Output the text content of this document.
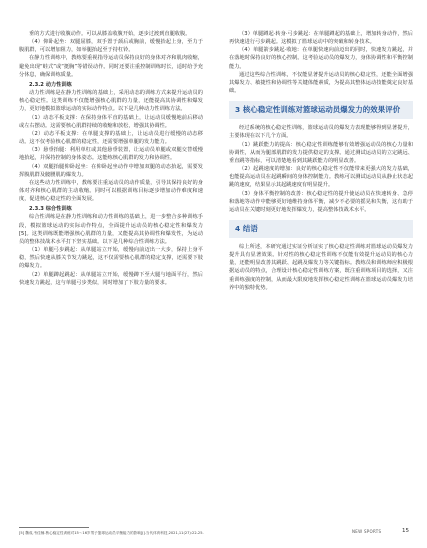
垂的方式进行收腹动作。可以从膝盖收腹开始，逐步过渡到直腿收腹。

（4）仰卧起坐：双腿屈膝，双手置于颈后或胸前，缓慢抬起上身，至力于腹肌群，可以增加阻力，如举腿抬起至于持杠铃。

在静力性训练中，教练要重视指导运动员保持良好的身体对齐和肌肉收缩，避免出现“蛙式”或“挺胸”等错误动作。同时还要注重控制训练时长，适时给予充分休息，确保训练质量。

2.3.2 动力性训练

动力性训练是在静力性训练的基础上，采用动态的训练方式来提升运动员的核心稳定性。这类训练不仅能增强核心肌群的力量，还能提高其协调性和爆发力，更好地模拟篮球运动的实际动作特点。以下是几种动力性训练方法。

（1）动态平板支撑：在保持身体平直的基础上，让运动员缓慢地前后移动或左右摆动。这需要核心肌群持续的收缩和放松，增强其协调性。

（2）动态平板支撑：在单腿支撑的基础上，让运动员进行缓慢的动态移动。这不仅考验核心肌群的稳定性，还需要增强单腿的发力能力。

（3）悬垂抬腿：利用单杠或其他悬垂装置，让运动员单腿或双腿交替缓慢地抬起，并保持控制的身体姿态。这能练核心肌群的发力和协调性。

（4）双腿抬腿仰卧起坐：在仰卧起坐动作中增加双腿的动态抬起，需要发挥腹肌群及髋腰肌的爆发力。

在这些动力性训练中，教练要注重运动员的动作质量，引导其保持良好的身体对齐和核心肌群的主动收缩。同时可以根据训练目标逐步增加动作难度和速度，促进核心稳定性的全面发展。

2.3.3 综合性训练

综合性训练是在静力性训练和动力性训练的基础上，进一步整合多种训练手段，模拟篮球运动的实际动作特点，全面提升运动员的核心稳定性和爆发力[5]。这类训练既能增强核心肌群的力量，又能提高其协调性和爆发性，为运动员的整体技战术水平打下坚实基础。以下是几种综合性训练方法。

（1）单腿弓步跳起：从单腿站立开始，缓慢向前迈出一大步，保持上身平稳，然后快速从膝关节发力跳起，这不仅需要核心肌群的稳定支撑，还需要下肢的爆发力。

（2）单腿蹲起跳起：从单腿站立开始，缓慢蹲下至大腿与地面平行，然后快速发力跳起，这与单腿弓步类似，同时增加了下肢力量的要求。

（3）单腿蹲起·转身·弓步跳起：在单腿蹲起的基础上，增加转身动作，然后再快速进行弓步跳起。这模拟了篮球运动中的突破和转身技术。

（4）单腿箭步跳起·收地：在单腿快速向前迈出的同时，快速发力跳起，并在落地时保持良好的核心控制。这考验运动员的爆发力，身体协调性和平衡控制能力。

通过这些综合性训练，不仅能显著提升运动员的核心稳定性，还能全面增强其爆发力、敏捷性和协调性等关键体能素质，为提高其整体运动技能奠定良好基础。

3 核心稳定性训练对篮球运动员爆发力的效果评价

经过系统的核心稳定性训练，篮球运动员的爆发力表现能够得到显著提升，主要体现在以下几个方面。

（1）跳跃能力的提高：核心稳定性训练能够有效增强运动员的核心力量和协调性，从而为腿部肌群的发力提供稳定的支撑。通过测试运动员的立定跳远、垂直跳等指标，可以清楚地看到其跳跃能力的明显改善。

（2）起跳速度的增加：良好的核心稳定性不仅能带来更强大的发力基础，也能提高运动员在起跳瞬间的身体控制能力。教练可以测试运动员从静止状态起跳的速度，结果显示其起跳速度有明显提升。

（3）身体平衡控制的改善：核心稳定性的提升使运动员在快速转身、急停和落地等动作中能够更好地维持身体平衡，减少不必要的摇晃和失衡，这有助于运动员在关键时刻更好地发挥爆发力，提高整体技战术水平。

4 结语

综上所述，本研究通过实证分析证实了核心稳定性训练对篮球运动员爆发力提升具有显著效果。针对性的核心稳定性训练不仅能有效提升运动员的核心力量，还能明显改善其跳跃、起跳及爆发力等关键指标。教练员和训练师应积极根据运动员的特点，合理设计核心稳定性训练方案，既注重训练项目的选择，又注重训练强度的控制，从而最大限度地发挥核心稳定性训练在篮球运动员爆发力培养中的独特优势。

[5] 魏成,韦佳楠.核心稳定性训练对15～16岁男子篮球运动员平衡能力的影响[J].当代体育科技,2021,11(27):22-25.	NEW SPORTS	15
